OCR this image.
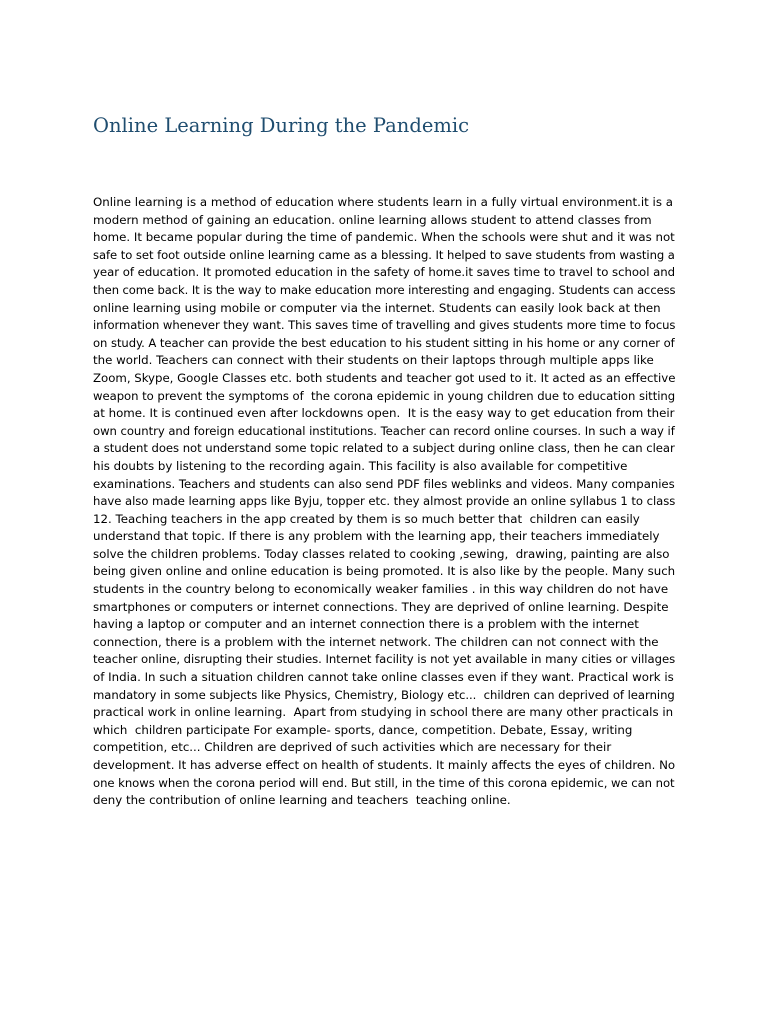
Online Learning During the Pandemic
Online learning is a method of education where students learn in a fully virtual environment.it is a
modern method of gaining an education. online learning allows student to attend classes from
home. It became popular during the time of pandemic. When the schools were shut and it was not
safe to set foot outside online learning came as a blessing. It helped to save students from wasting a
year of education. It promoted education in the safety of home.it saves time to travel to school and
then come back. It is the way to make education more interesting and engaging. Students can access
online learning using mobile or computer via the internet. Students can easily look back at then
information whenever they want. This saves time of travelling and gives students more time to focus
on study. A teacher can provide the best education to his student sitting in his home or any corner of
the world. Teachers can connect with their students on their laptops through multiple apps like
Zoom, Skype, Google Classes etc. both students and teacher got used to it. It acted as an effective
weapon to prevent the symptoms of  the corona epidemic in young children due to education sitting
at home. It is continued even after lockdowns open.  It is the easy way to get education from their
own country and foreign educational institutions. Teacher can record online courses. In such a way if
a student does not understand some topic related to a subject during online class, then he can clear
his doubts by listening to the recording again. This facility is also available for competitive
examinations. Teachers and students can also send PDF files weblinks and videos. Many companies
have also made learning apps like Byju, topper etc. they almost provide an online syllabus 1 to class
12. Teaching teachers in the app created by them is so much better that  children can easily
understand that topic. If there is any problem with the learning app, their teachers immediately
solve the children problems. Today classes related to cooking ,sewing,  drawing, painting are also
being given online and online education is being promoted. It is also like by the people. Many such
students in the country belong to economically weaker families . in this way children do not have
smartphones or computers or internet connections. They are deprived of online learning. Despite
having a laptop or computer and an internet connection there is a problem with the internet
connection, there is a problem with the internet network. The children can not connect with the
teacher online, disrupting their studies. Internet facility is not yet available in many cities or villages
of India. In such a situation children cannot take online classes even if they want. Practical work is
mandatory in some subjects like Physics, Chemistry, Biology etc...  children can deprived of learning
practical work in online learning.  Apart from studying in school there are many other practicals in
which  children participate For example- sports, dance, competition. Debate, Essay, writing
competition, etc... Children are deprived of such activities which are necessary for their
development. It has adverse effect on health of students. It mainly affects the eyes of children. No
one knows when the corona period will end. But still, in the time of this corona epidemic, we can not
deny the contribution of online learning and teachers  teaching online.
